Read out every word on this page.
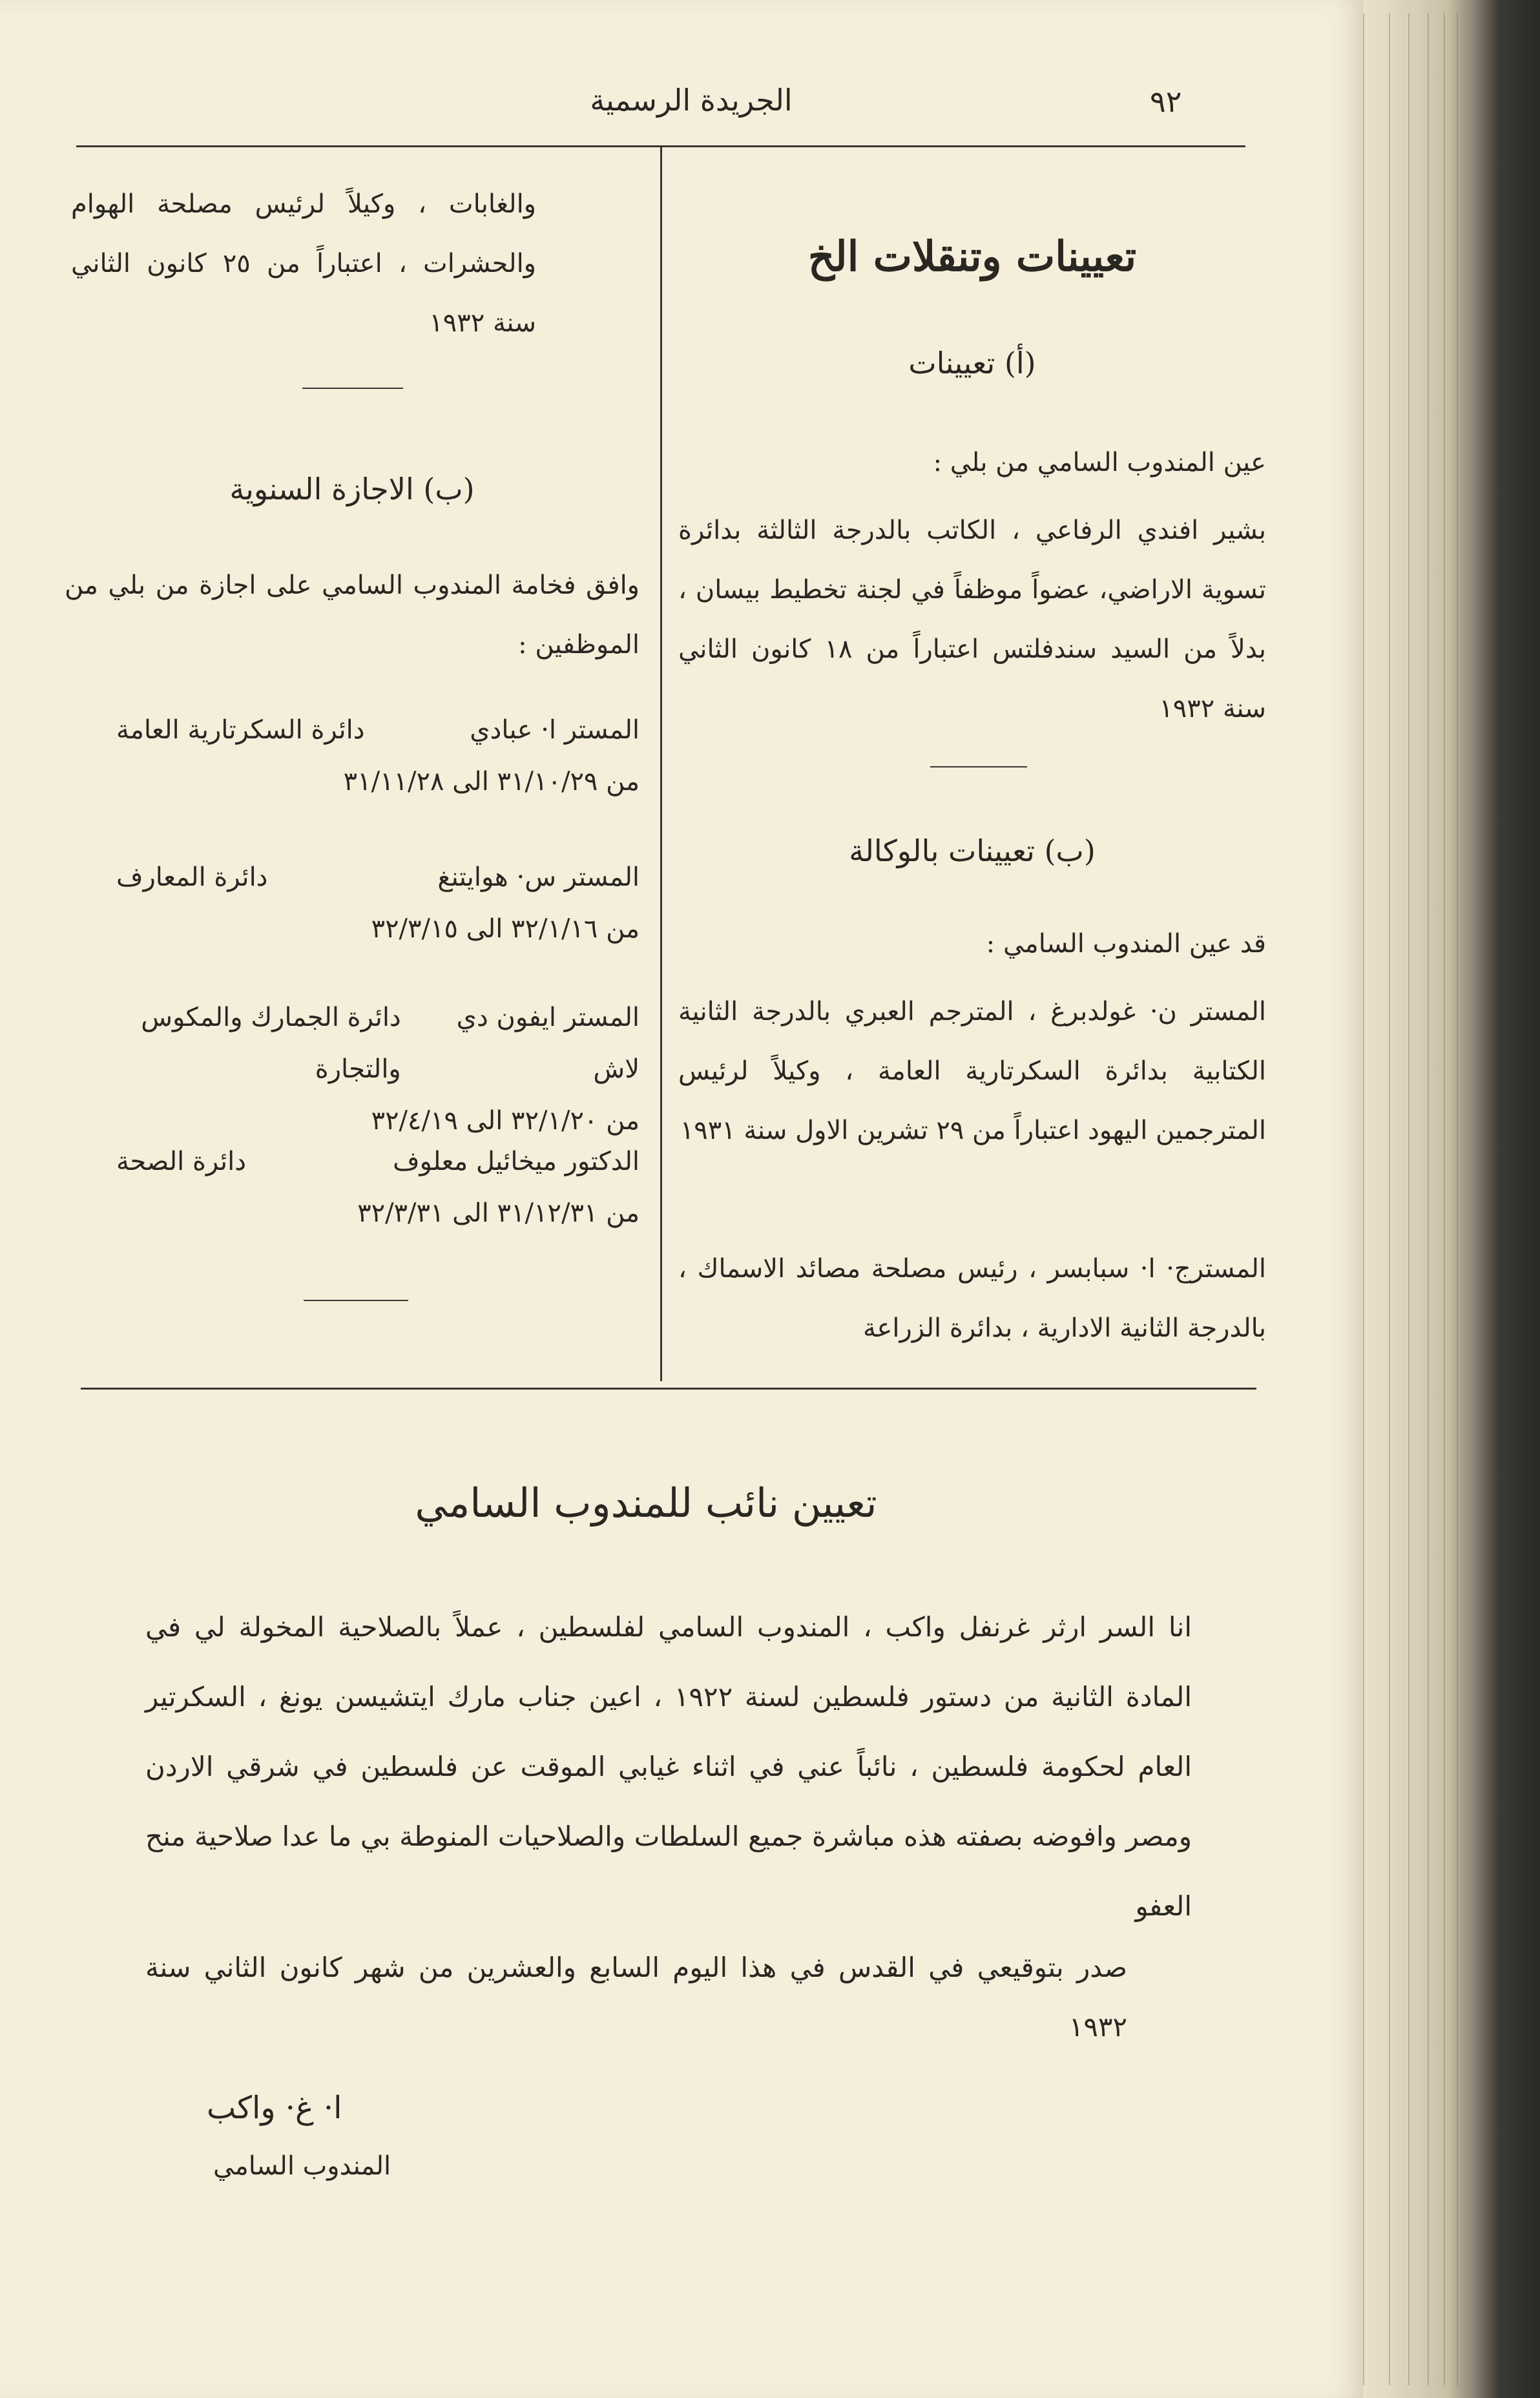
٩٢
الجريدة الرسمية
تعيينات وتنقلات الخ
(أ) تعيينات
عين المندوب السامي من بلي :
بشير افندي الرفاعي ، الكاتب بالدرجة الثالثة بدائرة تسوية الاراضي، عضواً موظفاً في لجنة تخطيط بيسان ، بدلاً من السيد سندفلتس اعتباراً من ١٨ كانون الثاني سنة ١٩٣٢
(ب) تعيينات بالوكالة
قد عين المندوب السامي :
المستر ن· غولدبرغ ، المترجم العبري بالدرجة الثانية الكتابية بدائرة السكرتارية العامة ، وكيلاً لرئيس المترجمين اليهود اعتباراً من ٢٩ تشرين الاول سنة ١٩٣١
المسترج· ا· سبابسر ، رئيس مصلحة مصائد الاسماك ، بالدرجة الثانية الادارية ، بدائرة الزراعة
والغابات ، وكيلاً لرئيس مصلحة الهوام والحشرات ، اعتباراً من ٢٥ كانون الثاني سنة ١٩٣٢
(ب) الاجازة السنوية
وافق فخامة المندوب السامي على اجازة من بلي من الموظفين :
المستر ا· عبادي
دائرة السكرتارية العامة
من ٣١/١٠/٢٩ الى ٣١/١١/٢٨
المستر س· هوايتنغ
دائرة المعارف
من ٣٢/١/١٦ الى ٣٢/٣/١٥
المستر ايفون دي لاش
دائرة الجمارك والمكوس والتجارة
من ٣٢/١/٢٠ الى ٣٢/٤/١٩
الدكتور ميخائيل معلوف
دائرة الصحة
من ٣١/١٢/٣١ الى ٣٢/٣/٣١
تعيين نائب للمندوب السامي
انا السر ارثر غرنفل واكب ، المندوب السامي لفلسطين ، عملاً بالصلاحية المخولة لي في المادة الثانية من دستور فلسطين لسنة ١٩٢٢ ، اعين جناب مارك ايتشيسن يونغ ، السكرتير العام لحكومة فلسطين ، نائباً عني في اثناء غيابي الموقت عن فلسطين في شرقي الاردن ومصر وافوضه بصفته هذه مباشرة جميع السلطات والصلاحيات المنوطة بي ما عدا صلاحية منح العفو
صدر بتوقيعي في القدس في هذا اليوم السابع والعشرين من شهر كانون الثاني سنة ١٩٣٢
ا· غ· واكب
المندوب السامي
